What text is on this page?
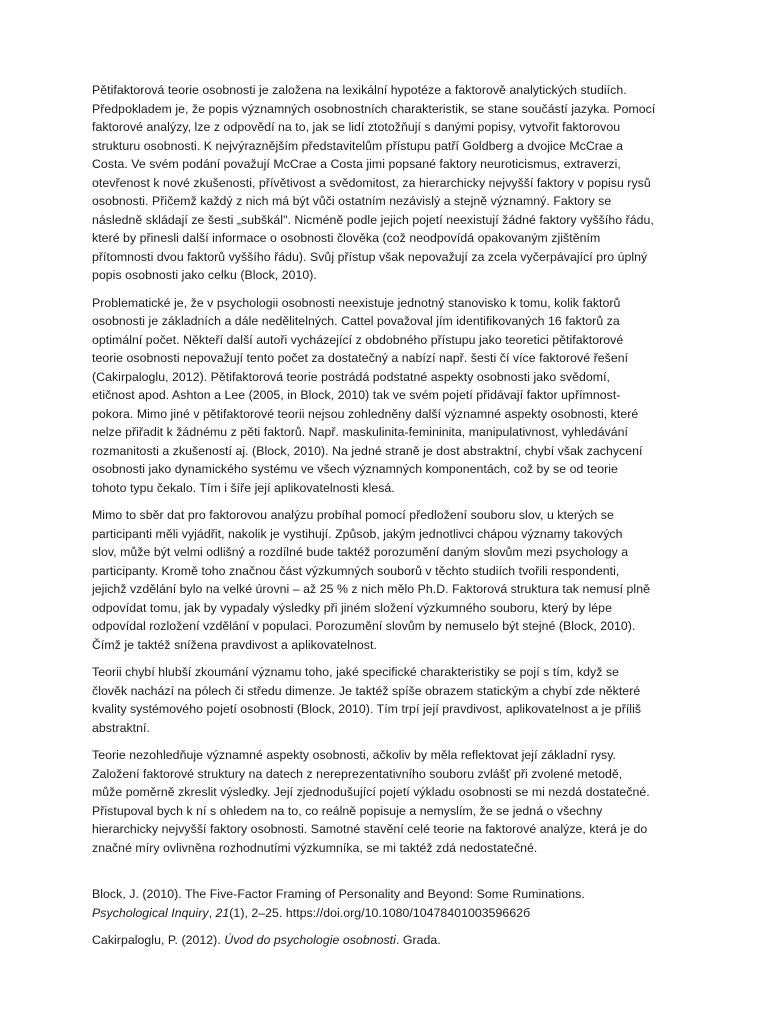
Pětifaktorová teorie osobnosti je založena na lexikální hypotéze a faktorově analytických studiích.
Předpokladem je, že popis významných osobnostních charakteristik, se stane součástí jazyka. Pomocí
faktorové analýzy, lze z odpovědí na to, jak se lidí ztotožňují s danými popisy, vytvořit faktorovou
strukturu osobnosti. K nejvýraznějším představitelům přístupu patří Goldberg a dvojice McCrae a
Costa. Ve svém podání považují McCrae a Costa jimi popsané faktory neuroticismus, extraverzi,
otevřenost k nové zkušenosti, přívětivost a svědomitost, za hierarchicky nejvyšší faktory v popisu rysů
osobnosti. Přičemž každý z nich má být vůči ostatním nezávislý a stejně významný. Faktory se
následně skládají ze šesti „subškál". Nicméně podle jejich pojetí neexistují žádné faktory vyššího řádu,
které by přinesli další informace o osobnosti člověka (což neodpovídá opakovaným zjištěním
přítomnosti dvou faktorů vyššího řádu). Svůj přístup však nepovažují za zcela vyčerpávající pro úplný
popis osobnosti jako celku (Block, 2010).

Problematické je, že v psychologii osobnosti neexistuje jednotný stanovisko k tomu, kolik faktorů
osobnosti je základních a dále nedělitelných. Cattel považoval jím identifikovaných 16 faktorů za
optimální počet. Někteří další autoři vycházející z obdobného přístupu jako teoretici pětifaktorové
teorie osobnosti nepovažují tento počet za dostatečný a nabízí např. šesti čí více faktorové řešení
(Cakirpaloglu, 2012). Pětifaktorová teorie postrádá podstatné aspekty osobnosti jako svědomí,
etičnost apod. Ashton a Lee (2005, in Block, 2010) tak ve svém pojetí přidávají faktor upřímnost-
pokora. Mimo jiné v pětifaktorové teorii nejsou zohledněny další významné aspekty osobnosti, které
nelze přiřadit k žádnému z pěti faktorů. Např. maskulinita-femininita, manipulativnost, vyhledávání
rozmanitosti a zkušeností aj. (Block, 2010). Na jedné straně je dost abstraktní, chybí však zachycení
osobnosti jako dynamického systému ve všech významných komponentách, což by se od teorie
tohoto typu čekalo. Tím i šíře její aplikovatelnosti klesá.

Mimo to sběr dat pro faktorovou analýzu probíhal pomocí předložení souboru slov, u kterých se
participanti měli vyjádřit, nakolik je vystihují. Způsob, jakým jednotlivci chápou významy takových
slov, může být velmi odlišný a rozdílné bude taktéž porozumění daným slovům mezi psychology a
participanty. Kromě toho značnou část výzkumných souborů v těchto studiích tvořili respondenti,
jejichž vzdělání bylo na velké úrovni – až 25 % z nich mělo Ph.D. Faktorová struktura tak nemusí plně
odpovídat tomu, jak by vypadaly výsledky při jiném složení výzkumného souboru, který by lépe
odpovídal rozložení vzdělání v populaci. Porozumění slovům by nemuselo být stejné (Block, 2010).
Čímž je taktéž snížena pravdivost a aplikovatelnost.

Teorii chybí hlubší zkoumání významu toho, jaké specifické charakteristiky se pojí s tím, když se
člověk nachází na pólech či středu dimenze. Je taktéž spíše obrazem statickým a chybí zde některé
kvality systémového pojetí osobnosti (Block, 2010). Tím trpí její pravdivost, aplikovatelnost a je příliš
abstraktní.

Teorie nezohledňuje významné aspekty osobnosti, ačkoliv by měla reflektovat její základní rysy.
Založení faktorové struktury na datech z nereprezentativního souboru zvlášť při zvolené metodě,
může poměrně zkreslit výsledky. Její zjednodušující pojetí výkladu osobnosti se mi nezdá dostatečné.
Přistupoval bych k ní s ohledem na to, co reálně popisuje a nemyslím, že se jedná o všechny
hierarchicky nejvyšší faktory osobnosti. Samotné stavění celé teorie na faktorové analýze, která je do
značné míry ovlivněna rozhodnutími výzkumníka, se mi taktéž zdá nedostatečné.

Block, J. (2010). The Five-Factor Framing of Personality and Beyond: Some Ruminations.
Psychological Inquiry, 21(1), 2–25. https://doi.org/10.1080/1047840100359662б

Cakirpaloglu, P. (2012). Úvod do psychologie osobnosti. Grada.
